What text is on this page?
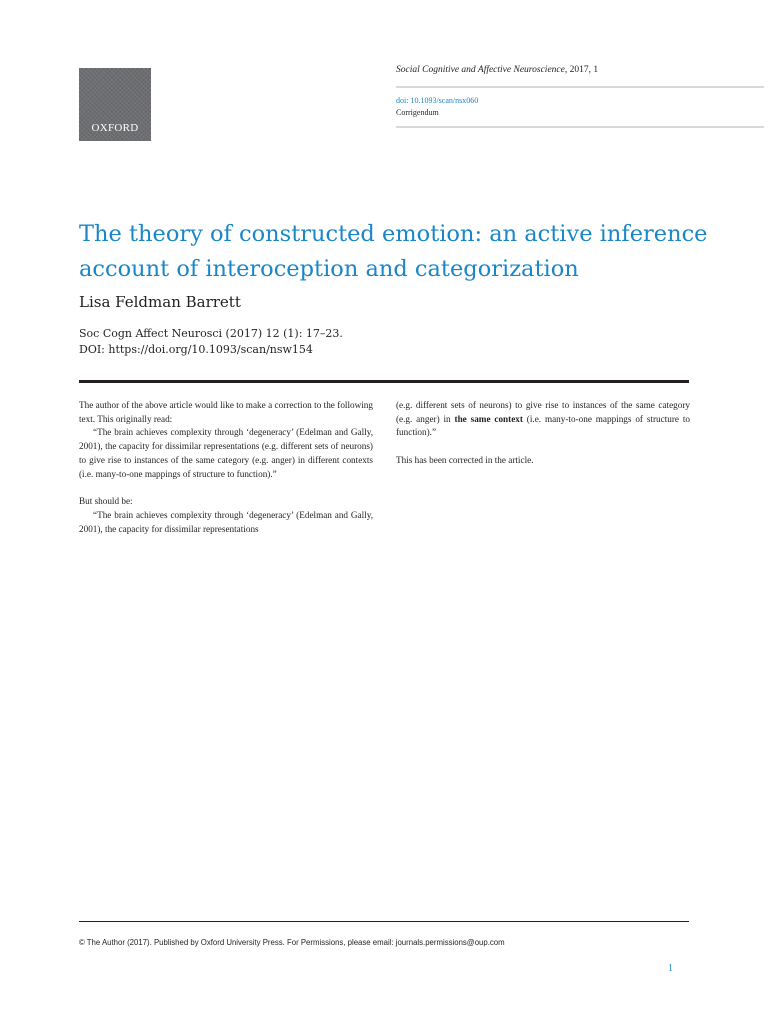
OXFORD
Social Cognitive and Affective Neuroscience, 2017, 1
doi: 10.1093/scan/nsx060
Corrigendum
The theory of constructed emotion: an active inference
account of interoception and categorization
Lisa Feldman Barrett
Soc Cogn Affect Neurosci (2017) 12 (1): 17–23.
DOI: https://doi.org/10.1093/scan/nsw154

The author of the above article would like to make a correction to the following text. This originally read:

“The brain achieves complexity through ‘degeneracy’ (Edelman and Gally, 2001), the capacity for dissimilar representations (e.g. different sets of neurons) to give rise to instances of the same category (e.g. anger) in different contexts (i.e. many-to-one mappings of structure to function).”

But should be:

“The brain achieves complexity through ‘degeneracy’ (Edelman and Gally, 2001), the capacity for dissimilar representations

(e.g. different sets of neurons) to give rise to instances of the same category (e.g. anger) in the same context (i.e. many-to-one mappings of structure to function).”

This has been corrected in the article.

© The Author (2017). Published by Oxford University Press. For Permissions, please email: journals.permissions@oup.com
1
